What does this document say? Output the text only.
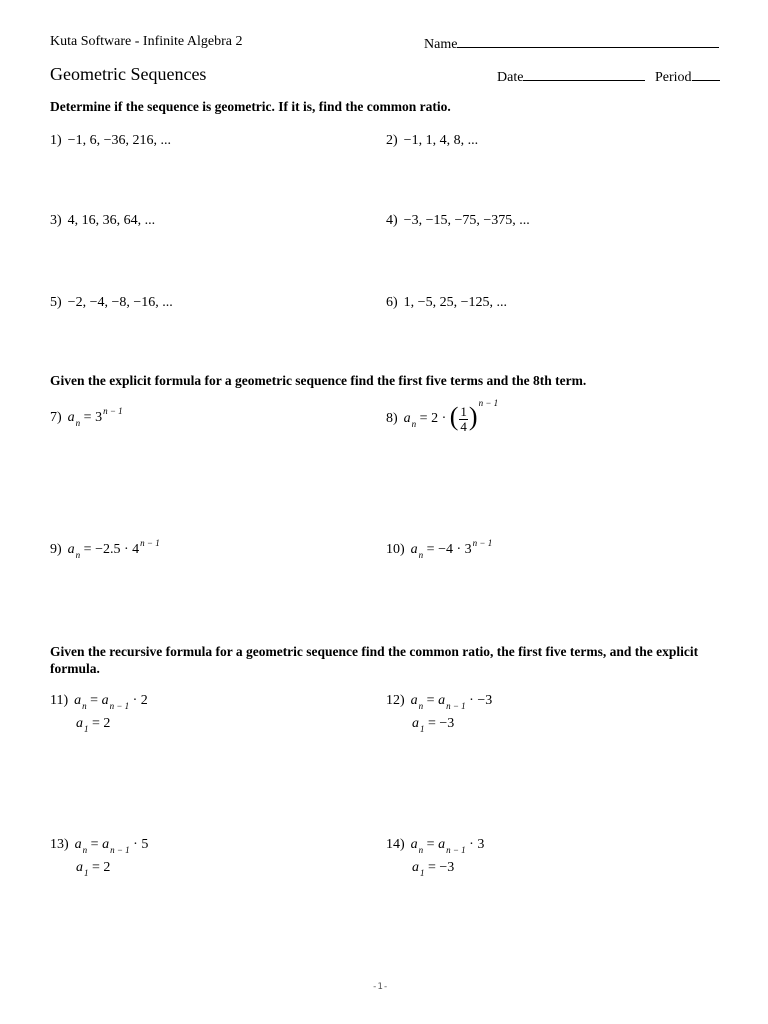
Kuta Software - Infinite Algebra 2	Name
Geometric Sequences	Date	Period
Determine if the sequence is geometric. If it is, find the common ratio.
1) −1, 6, −36, 216, ...	2) −1, 1, 4, 8, ...
3) 4, 16, 36, 64, ...	4) −3, −15, −75, −375, ...
5) −2, −4, −8, −16, ...	6) 1, −5, 25, −125, ...
Given the explicit formula for a geometric sequence find the first five terms and the 8th term.
7) $a_n = 3^{n - 1}$
8) $a_n = 2$ · ( $\frac{1}{4} )^{n - 1}$
9) $a_n = -2.5 \cdot 4^{n - 1}$	10) $a_n = -4 \cdot 3^{n - 1}$
Given the recursive formula for a geometric sequence find the common ratio, the first five terms, and the explicit formula.
11) $a_n = a_{n - 1} \cdot 2$
$a_1 = 2$
12) $a_n = a_{n - 1} \cdot -3$
$a_1 = -3$
13) $a_n = a_{n - 1} \cdot 5$
$a_1 = 2$
14) $a_n = a_{n - 1} \cdot 3$
$a_1 = -3$
-1-
